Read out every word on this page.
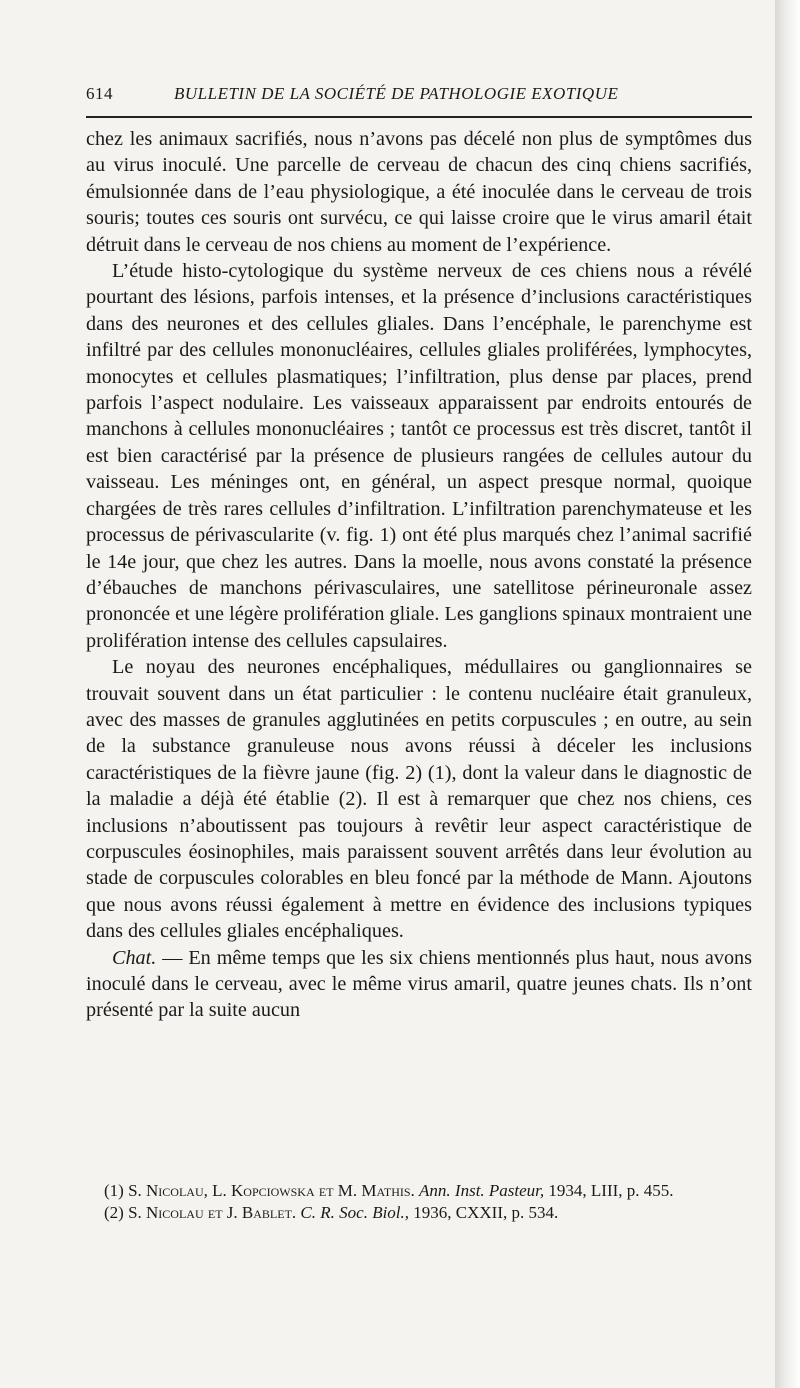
614	BULLETIN DE LA SOCIÉTÉ DE PATHOLOGIE EXOTIQUE

chez les animaux sacrifiés, nous n’avons pas décelé non plus de symptômes dus au virus inoculé. Une parcelle de cerveau de chacun des cinq chiens sacrifiés, émulsionnée dans de l’eau physiologique, a été inoculée dans le cerveau de trois souris; toutes ces souris ont survécu, ce qui laisse croire que le virus amaril était détruit dans le cerveau de nos chiens au moment de l’expérience.

L’étude histo-cytologique du système nerveux de ces chiens nous a révélé pourtant des lésions, parfois intenses, et la présence d’inclusions caractéristiques dans des neurones et des cellules gliales. Dans l’encéphale, le parenchyme est infiltré par des cellules mononucléaires, cellules gliales proliférées, lymphocytes, monocytes et cellules plasmatiques; l’infiltration, plus dense par places, prend parfois l’aspect nodulaire. Les vaisseaux apparaissent par endroits entourés de manchons à cellules mononucléaires ; tantôt ce processus est très discret, tantôt il est bien caractérisé par la présence de plusieurs rangées de cellules autour du vaisseau. Les méninges ont, en général, un aspect presque normal, quoique chargées de très rares cellules d’infiltration. L’infiltration parenchymateuse et les processus de périvascularite (v. fig. 1) ont été plus marqués chez l’animal sacrifié le 14e jour, que chez les autres. Dans la moelle, nous avons constaté la présence d’ébauches de manchons périvasculaires, une satellitose périneuronale assez prononcée et une légère prolifération gliale. Les ganglions spinaux montraient une prolifération intense des cellules capsulaires.

Le noyau des neurones encéphaliques, médullaires ou ganglionnaires se trouvait souvent dans un état particulier : le contenu nucléaire était granuleux, avec des masses de granules agglutinées en petits corpuscules ; en outre, au sein de la substance granuleuse nous avons réussi à déceler les inclusions caractéristiques de la fièvre jaune (fig. 2) (1), dont la valeur dans le diagnostic de la maladie a déjà été établie (2). Il est à remarquer que chez nos chiens, ces inclusions n’aboutissent pas toujours à revêtir leur aspect caractéristique de corpuscules éosinophiles, mais paraissent souvent arrêtés dans leur évolution au stade de corpuscules colorables en bleu foncé par la méthode de Mann. Ajoutons que nous avons réussi également à mettre en évidence des inclusions typiques dans des cellules gliales encéphaliques.

Chat. — En même temps que les six chiens mentionnés plus haut, nous avons inoculé dans le cerveau, avec le même virus amaril, quatre jeunes chats. Ils n’ont présenté par la suite aucun

(1) S. Nicolau, L. Kopciowska et M. Mathis. Ann. Inst. Pasteur, 1934, LIII, p. 455.

(2) S. Nicolau et J. Bablet. C. R. Soc. Biol., 1936, CXXII, p. 534.
